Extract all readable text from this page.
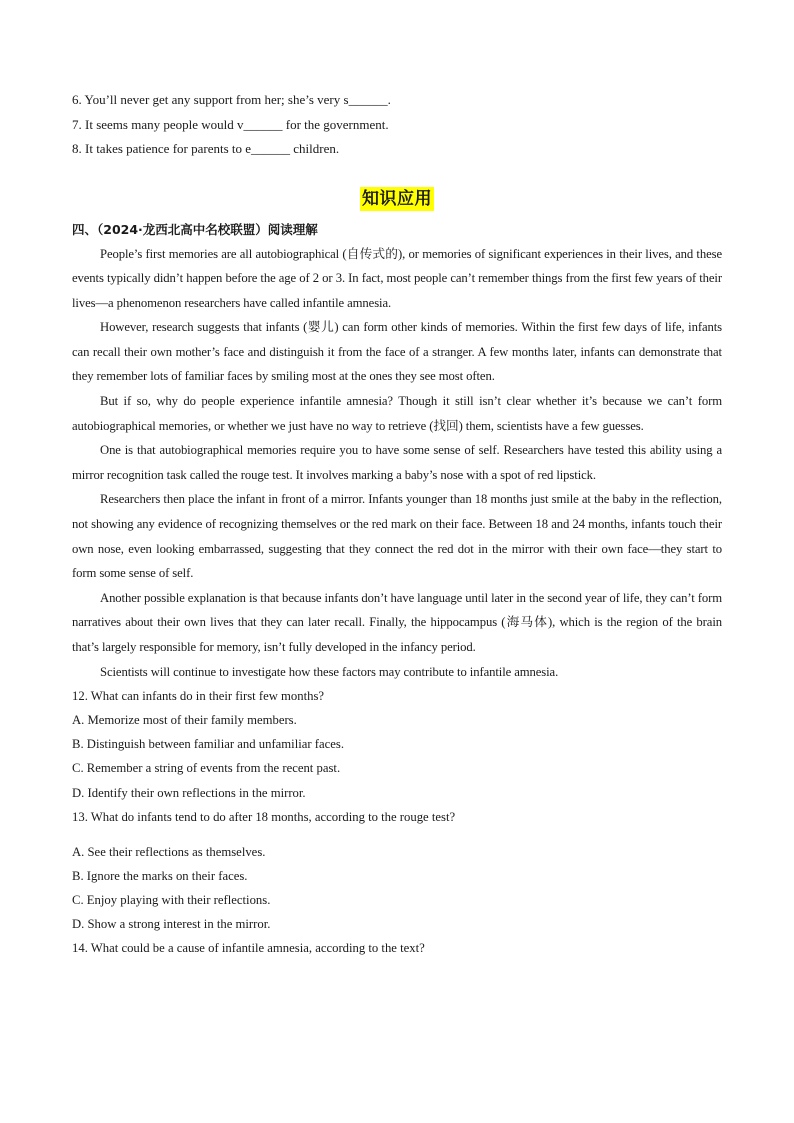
6. You’ll never get any support from her; she’s very s______.

7. It seems many people would v______ for the government.

8. It takes patience for parents to e______ children.

知识应用
四、（2024·龙西北高中名校联盟）阅读理解

People’s first memories are all autobiographical (自传式的), or memories of significant experiences in their lives, and these events typically didn’t happen before the age of 2 or 3. In fact, most people can’t remember things from the first few years of their lives—a phenomenon researchers have called infantile amnesia.

However, research suggests that infants (婴儿) can form other kinds of memories. Within the first few days of life, infants can recall their own mother’s face and distinguish it from the face of a stranger. A few months later, infants can demonstrate that they remember lots of familiar faces by smiling most at the ones they see most often.

But if so, why do people experience infantile amnesia? Though it still isn’t clear whether it’s because we can’t form autobiographical memories, or whether we just have no way to retrieve (找回) them, scientists have a few guesses.

One is that autobiographical memories require you to have some sense of self. Researchers have tested this ability using a mirror recognition task called the rouge test. It involves marking a baby’s nose with a spot of red lipstick.

Researchers then place the infant in front of a mirror. Infants younger than 18 months just smile at the baby in the reflection, not showing any evidence of recognizing themselves or the red mark on their face. Between 18 and 24 months, infants touch their own nose, even looking embarrassed, suggesting that they connect the red dot in the mirror with their own face—they start to form some sense of self.

Another possible explanation is that because infants don’t have language until later in the second year of life, they can’t form narratives about their own lives that they can later recall. Finally, the hippocampus (海马体), which is the region of the brain that’s largely responsible for memory, isn’t fully developed in the infancy period.

Scientists will continue to investigate how these factors may contribute to infantile amnesia.

12. What can infants do in their first few months?

A. Memorize most of their family members.

B. Distinguish between familiar and unfamiliar faces.

C. Remember a string of events from the recent past.

D. Identify their own reflections in the mirror.

13. What do infants tend to do after 18 months, according to the rouge test?

A. See their reflections as themselves.

B. Ignore the marks on their faces.

C. Enjoy playing with their reflections.

D. Show a strong interest in the mirror.

14. What could be a cause of infantile amnesia, according to the text?
